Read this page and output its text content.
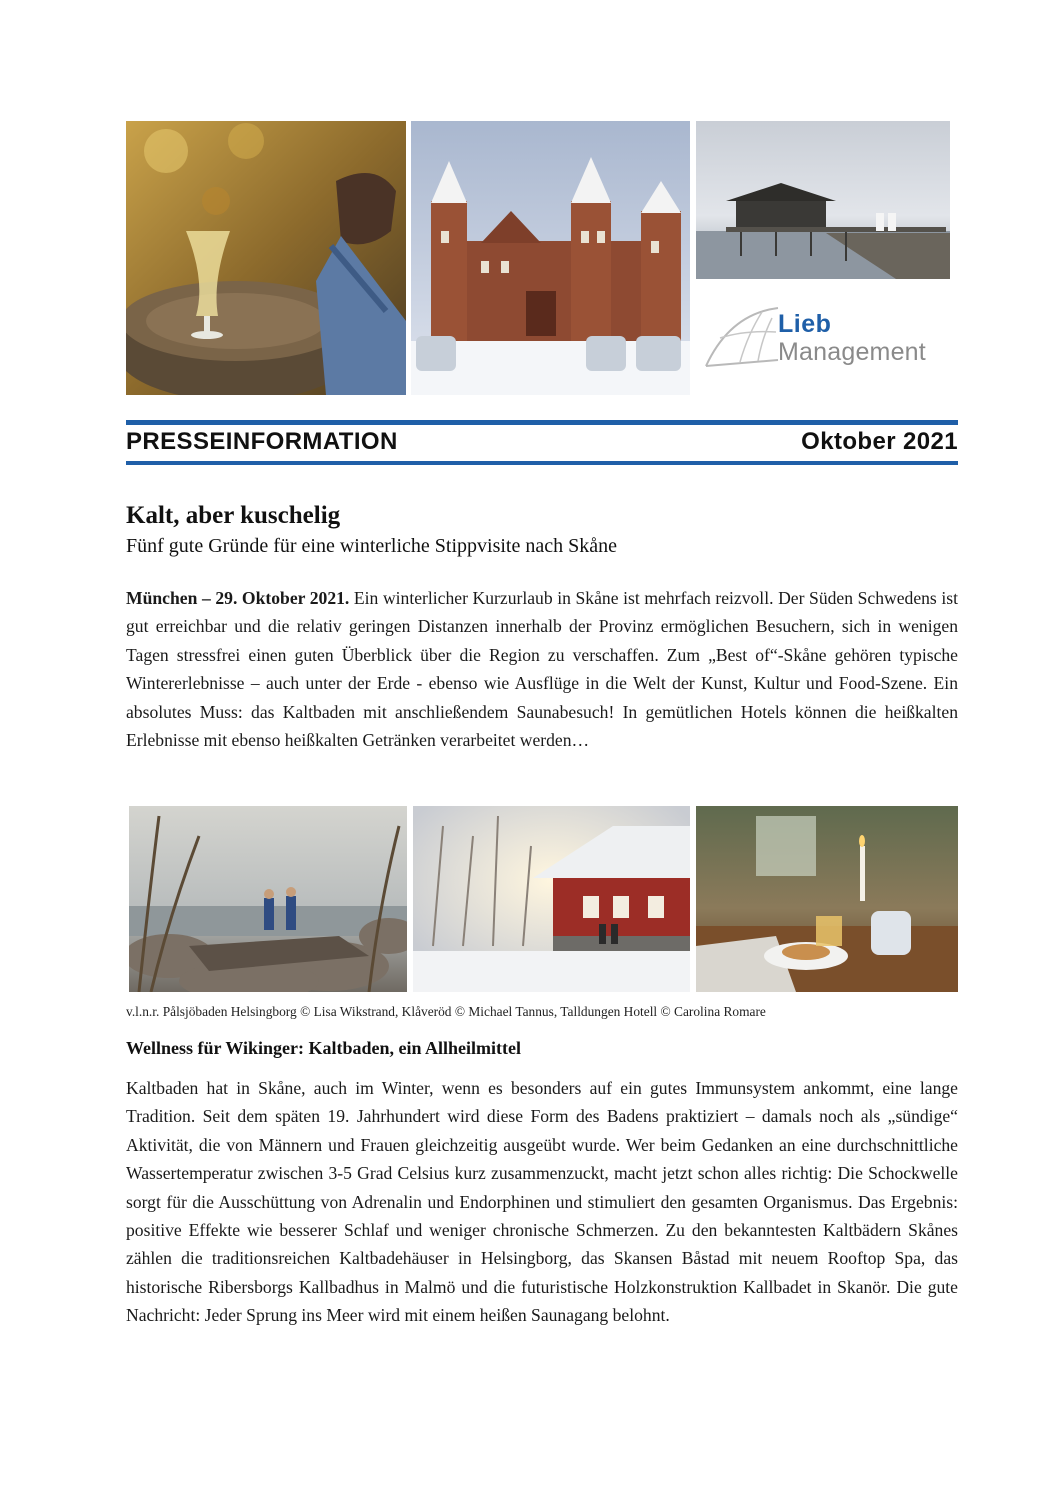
Lieb
Management
PRESSEINFORMATION	Oktober 2021
Kalt, aber kuschelig
Fünf gute Gründe für eine winterliche Stippvisite nach Skåne

München – 29. Oktober 2021. Ein winterlicher Kurzurlaub in Skåne ist mehrfach reizvoll. Der Süden Schwedens ist gut erreichbar und die relativ geringen Distanzen innerhalb der Provinz ermöglichen Besuchern, sich in wenigen Tagen stressfrei einen guten Überblick über die Region zu verschaffen. Zum „Best of“-Skåne gehören typische Wintererlebnisse – auch unter der Erde - ebenso wie Ausflüge in die Welt der Kunst, Kultur und Food-Szene. Ein absolutes Muss: das Kaltbaden mit anschließendem Saunabesuch! In gemütlichen Hotels können die heißkalten Erlebnisse mit ebenso heißkalten Getränken verarbeitet werden…

v.l.n.r. Pålsjöbaden Helsingborg © Lisa Wikstrand, Klåveröd © Michael Tannus, Talldungen Hotell © Carolina Romare
Wellness für Wikinger: Kaltbaden, ein Allheilmittel

Kaltbaden hat in Skåne, auch im Winter, wenn es besonders auf ein gutes Immunsystem ankommt, eine lange Tradition. Seit dem späten 19. Jahrhundert wird diese Form des Badens praktiziert – damals noch als „sündige“ Aktivität, die von Männern und Frauen gleichzeitig ausgeübt wurde. Wer beim Gedanken an eine durchschnittliche Wassertemperatur zwischen 3-5 Grad Celsius kurz zusammenzuckt, macht jetzt schon alles richtig: Die Schockwelle sorgt für die Ausschüttung von Adrenalin und Endorphinen und stimuliert den gesamten Organismus. Das Ergebnis: positive Effekte wie besserer Schlaf und weniger chronische Schmerzen. Zu den bekanntesten Kaltbädern Skånes zählen die traditionsreichen Kaltbadehäuser in Helsingborg, das Skansen Båstad mit neuem Rooftop Spa, das historische Ribersborgs Kallbadhus in Malmö und die futuristische Holzkonstruktion Kallbadet in Skanör. Die gute Nachricht: Jeder Sprung ins Meer wird mit einem heißen Saunagang belohnt.
